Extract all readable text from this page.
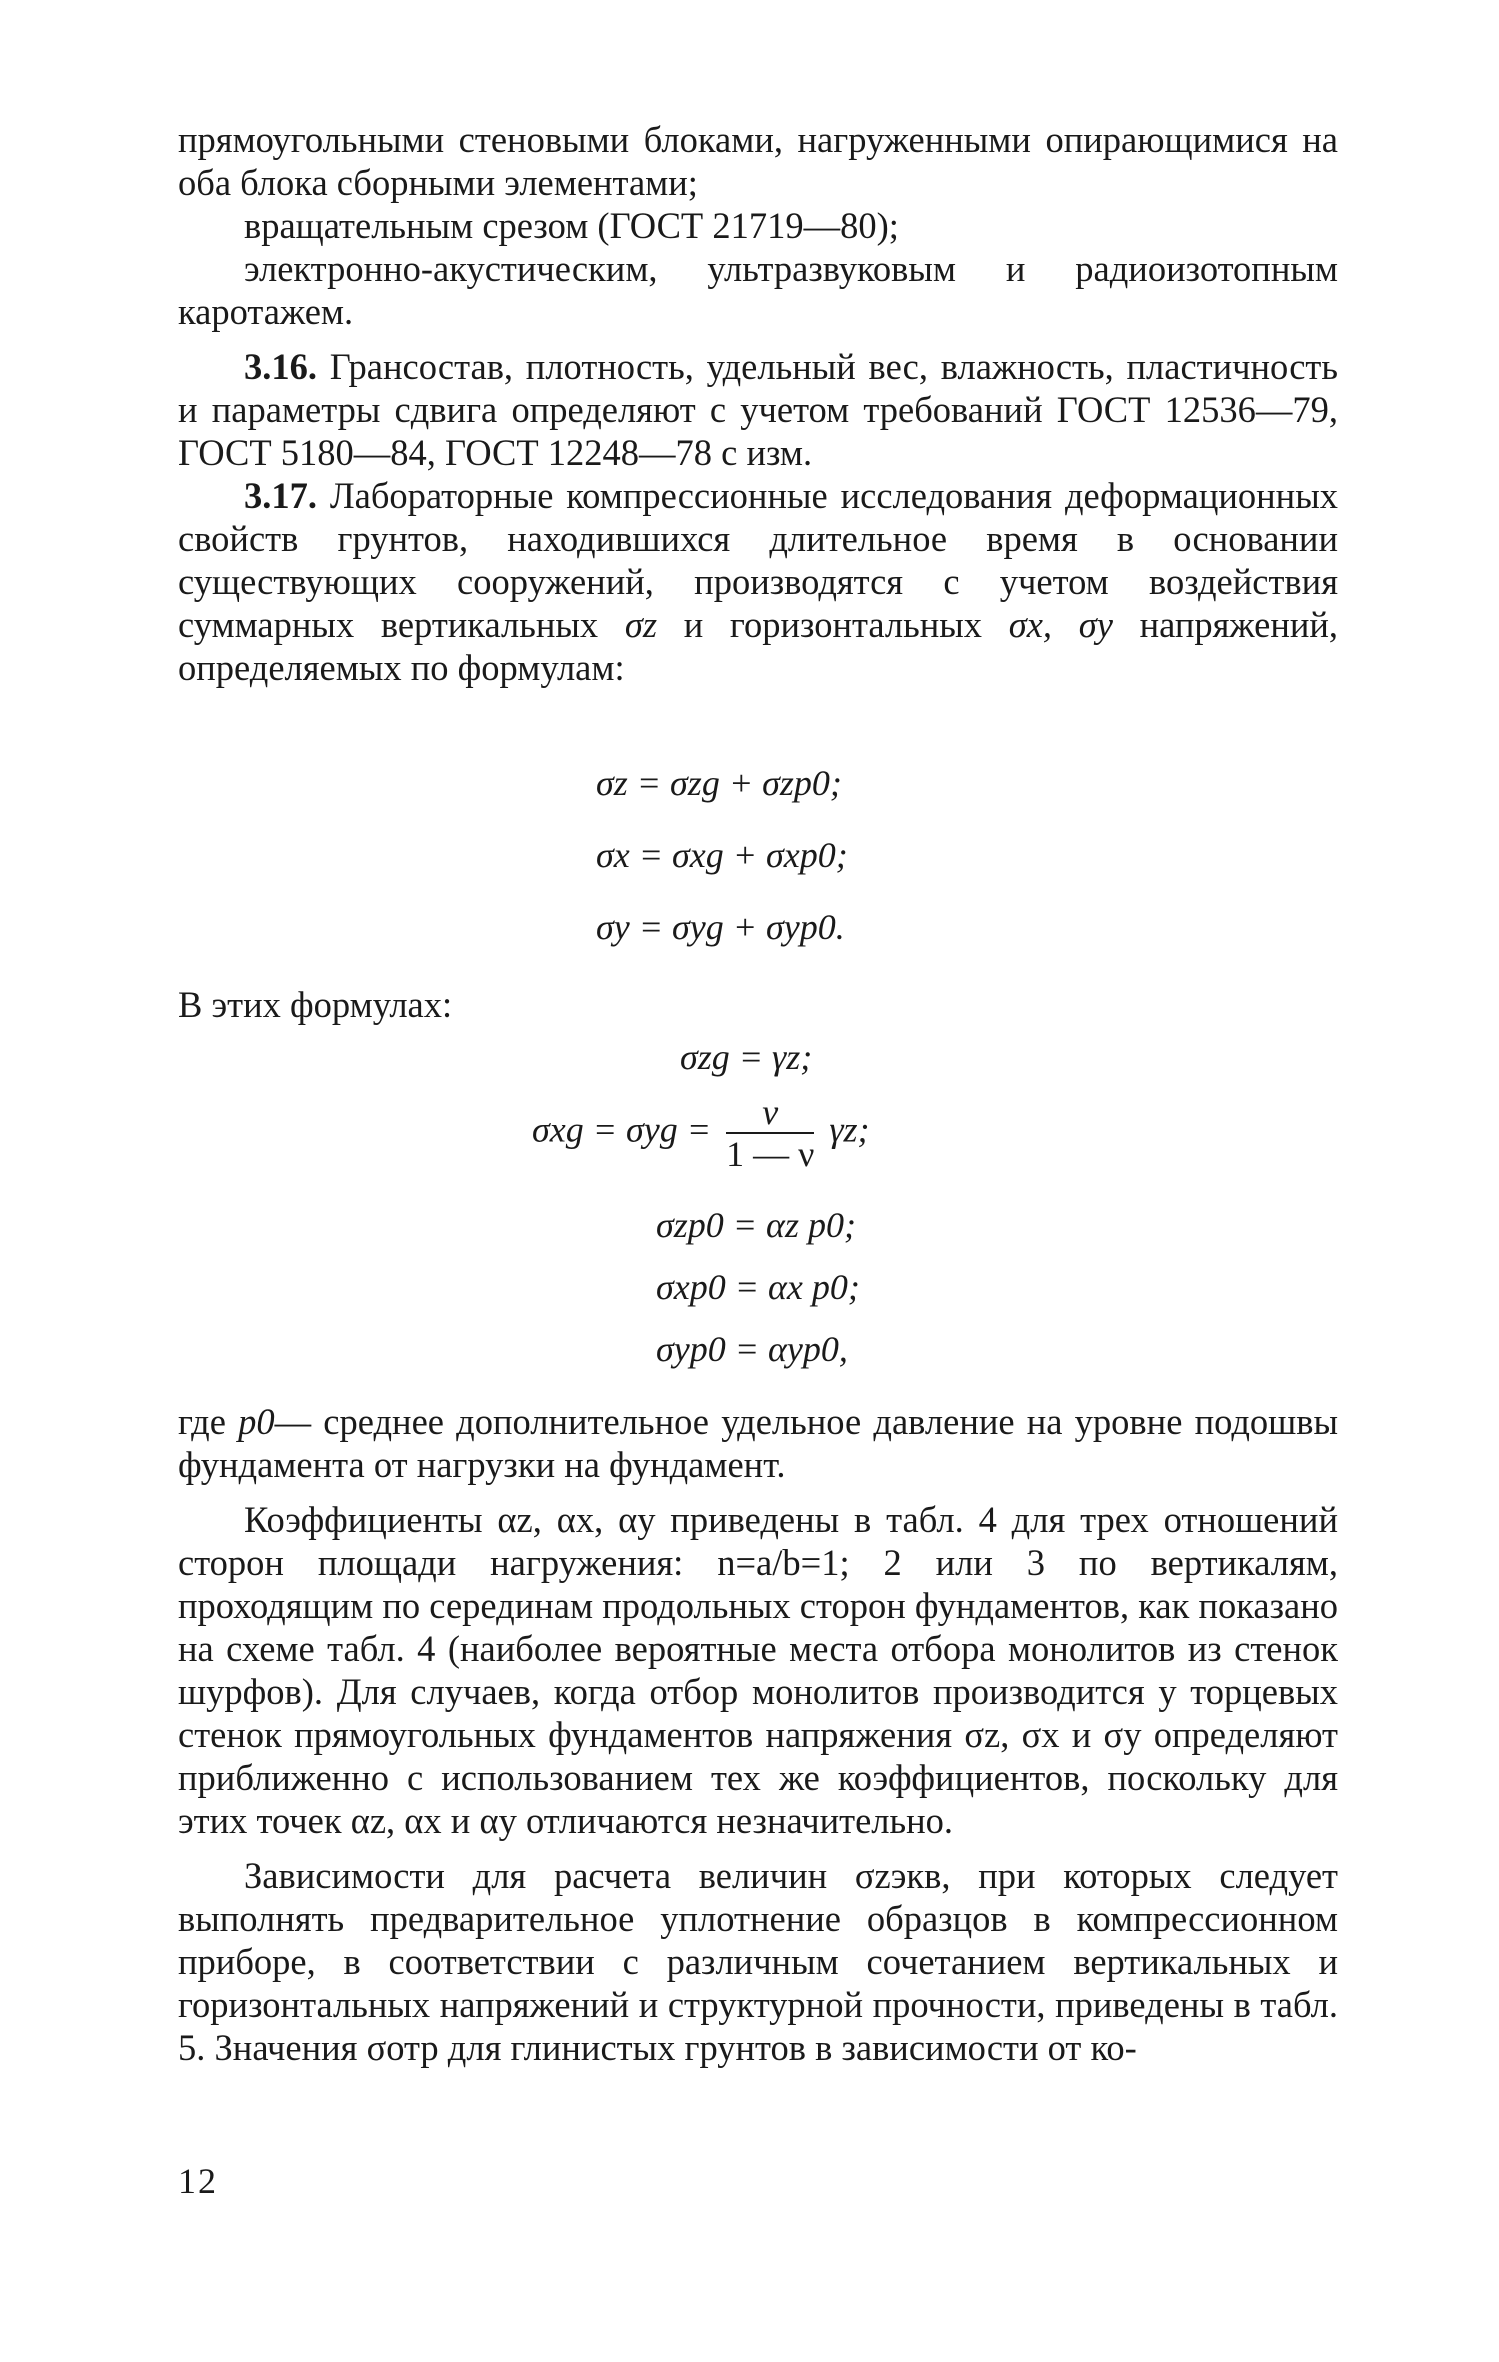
прямоугольными стеновыми блоками, нагруженными опирающимися на оба блока сборными элементами;

вращательным срезом (ГОСТ 21719—80);

электронно-акустическим, ультразвуковым и радиоизотопным каротажем.

3.16. Грансостав, плотность, удельный вес, влажность, пластичность и параметры сдвига определяют с учетом требований ГОСТ 12536—79, ГОСТ 5180—84, ГОСТ 12248—78 с изм.

3.17. Лабораторные компрессионные исследования деформационных свойств грунтов, находившихся длительное время в основании существующих сооружений, производятся с учетом воздействия суммарных вертикальных σz и горизонтальных σx, σy напряжений, определяемых по формулам:

σz = σzg + σzp0;
σx = σxg + σxp0;
σy = σyg + σyp0.
В этих формулах:
σzg = γz;
$\sigma xg = \sigma yg = \frac{\nu}{1 — \nu} \gamma z$;
σzp0 = αz p0;
σxp0 = αx p0;
σyp0 = αyp0,

где p0— среднее дополнительное удельное давление на уровне подошвы фундамента от нагрузки на фундамент.

Коэффициенты αz, αx, αy приведены в табл. 4 для трех отношений сторон площади нагружения: n=a/b=1; 2 или 3 по вертикалям, проходящим по серединам продольных сторон фундаментов, как показано на схеме табл. 4 (наиболее вероятные места отбора монолитов из стенок шурфов). Для случаев, когда отбор монолитов производится у торцевых стенок прямоугольных фундаментов напряжения σz, σx и σy определяют приближенно с использованием тех же коэффициентов, поскольку для этих точек αz, αx и αy отличаются незначительно.

Зависимости для расчета величин σzэкв, при которых следует выполнять предварительное уплотнение образцов в компрессионном приборе, в соответствии с различным сочетанием вертикальных и горизонтальных напряжений и структурной прочности, приведены в табл. 5. Значения σотр для глинистых грунтов в зависимости от ко-

12
